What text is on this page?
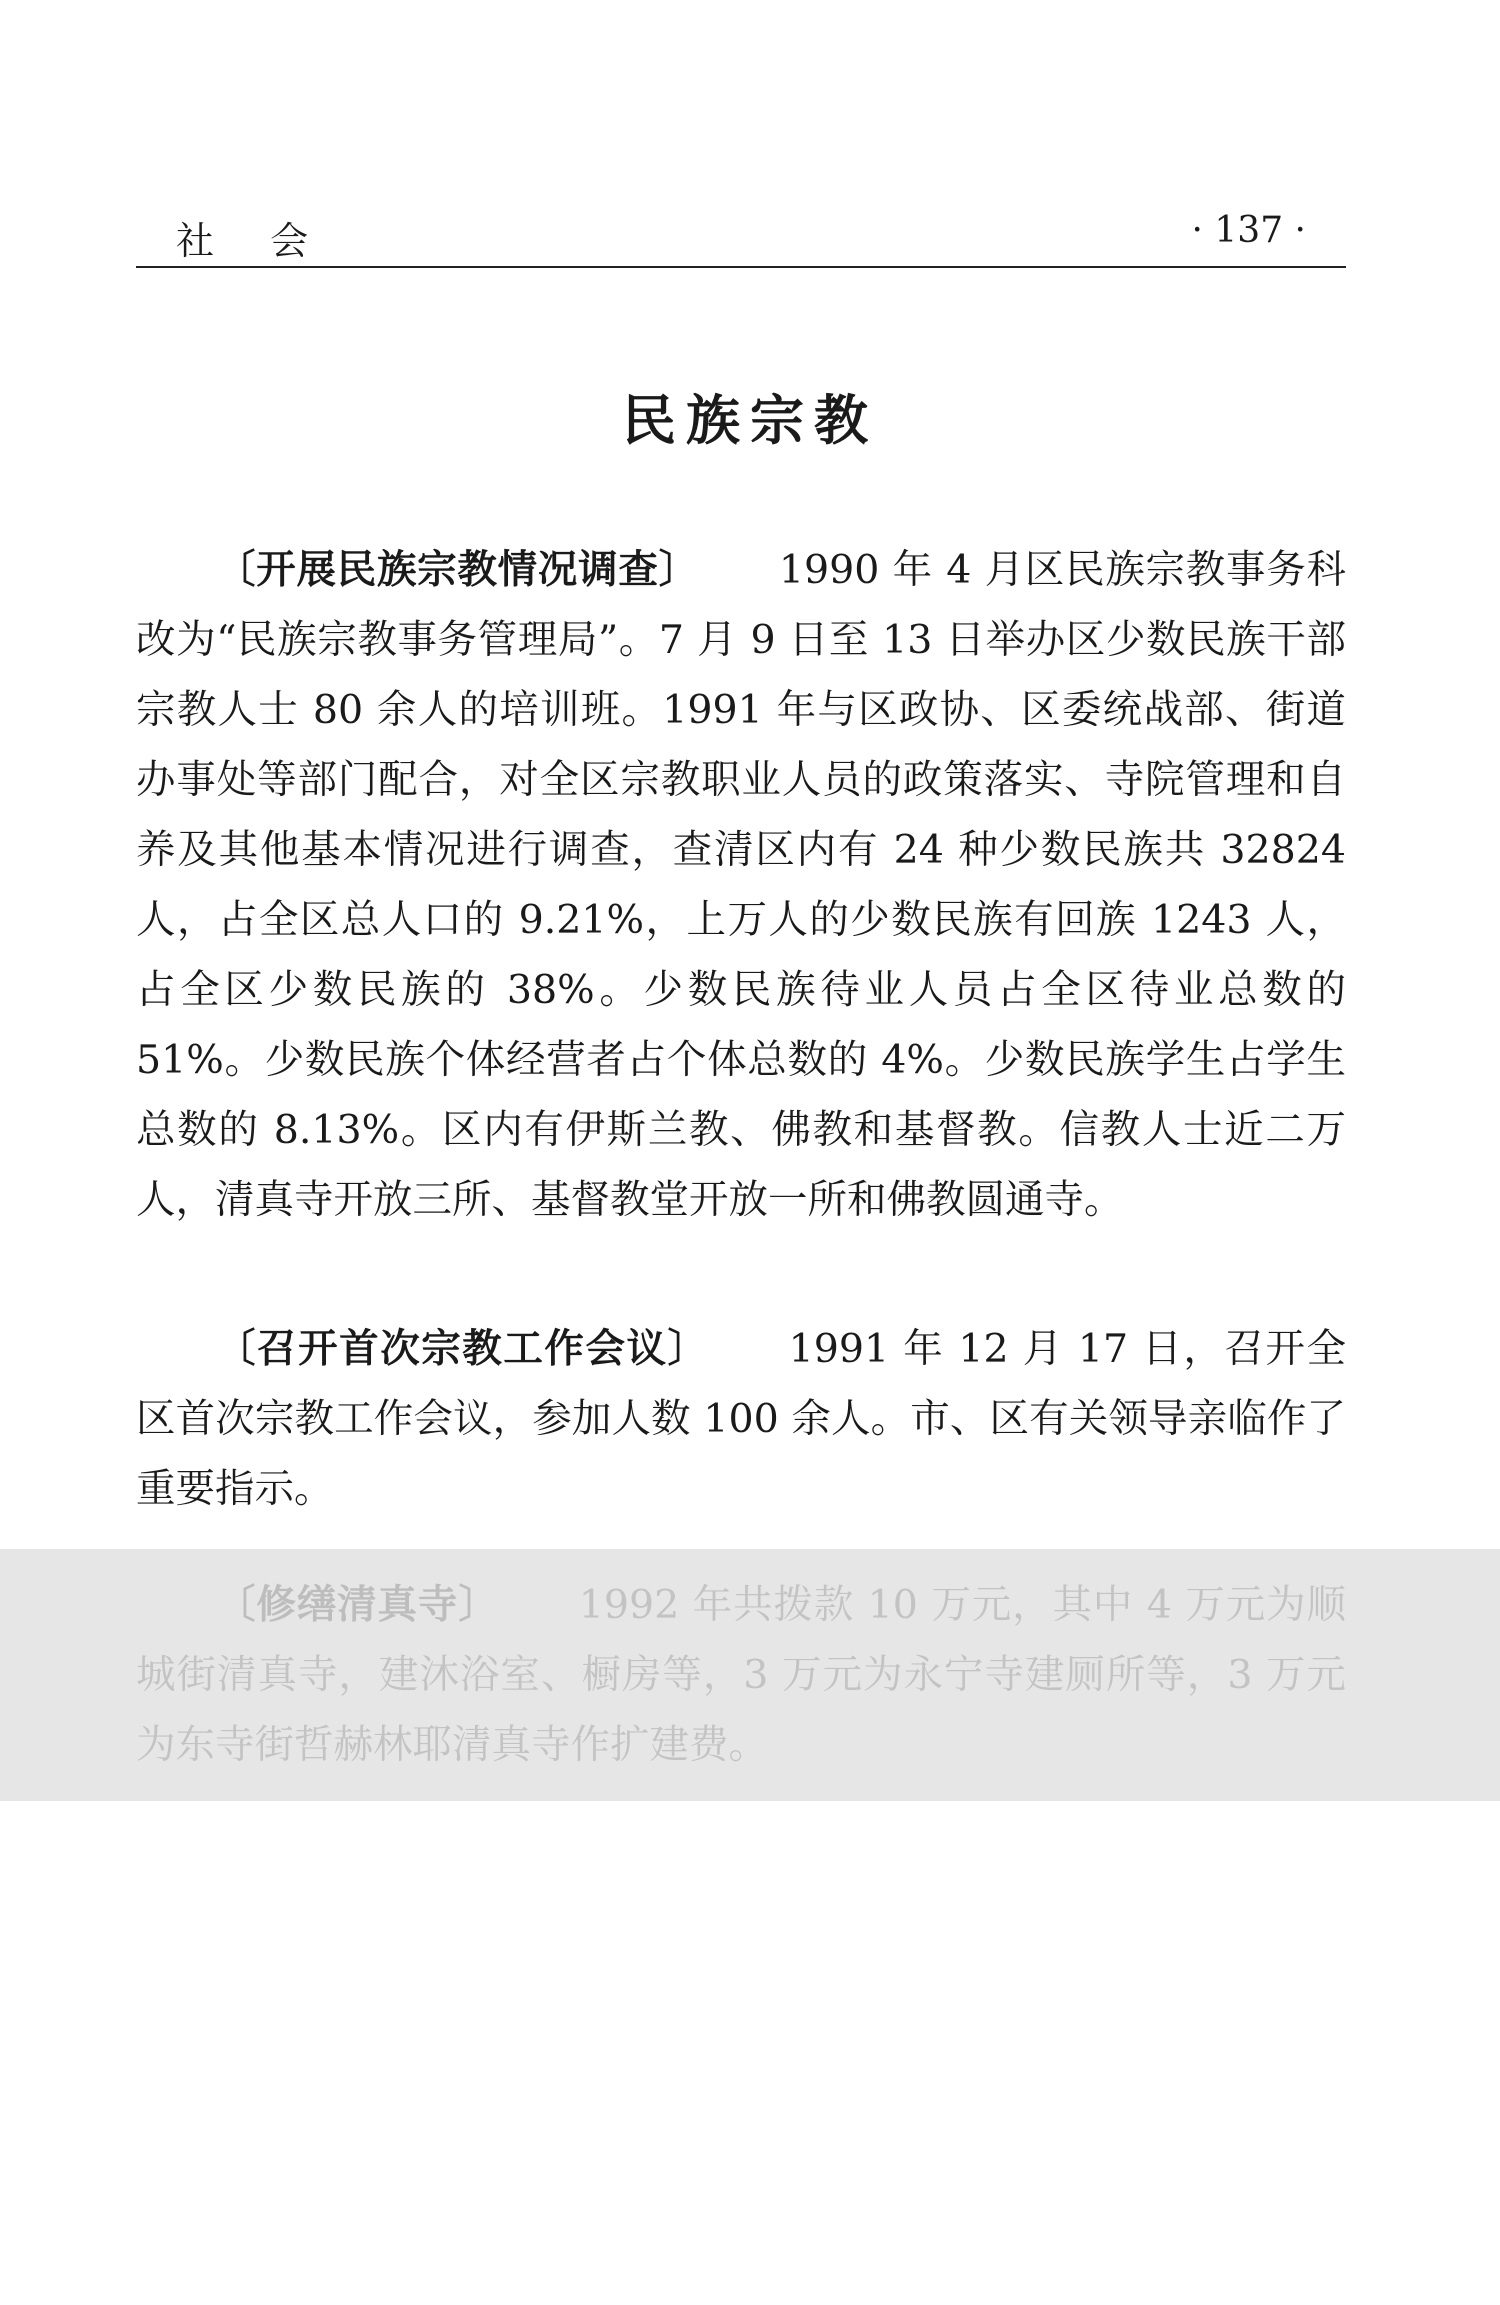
社 会	· 137 ·
民族宗教

〔开展民族宗教情况调查〕 1990 年 4 月区民族宗教事务科改为“民族宗教事务管理局”。7 月 9 日至 13 日举办区少数民族干部宗教人士 80 余人的培训班。1991 年与区政协、区委统战部、街道办事处等部门配合，对全区宗教职业人员的政策落实、寺院管理和自养及其他基本情况进行调查，查清区内有 24 种少数民族共 32824 人，占全区总人口的 9.21%，上万人的少数民族有回族 1243 人，占全区少数民族的 38%。少数民族待业人员占全区待业总数的 51%。少数民族个体经营者占个体总数的 4%。少数民族学生占学生总数的 8.13%。区内有伊斯兰教、佛教和基督教。信教人士近二万人，清真寺开放三所、基督教堂开放一所和佛教圆通寺。

〔召开首次宗教工作会议〕 1991 年 12 月 17 日，召开全区首次宗教工作会议，参加人数 100 余人。市、区有关领导亲临作了重要指示。

〔修缮清真寺〕 1992 年共拨款 10 万元，其中 4 万元为顺城街清真寺，建沐浴室、橱房等，3 万元为永宁寺建厕所等，3 万元为东寺街哲赫林耶清真寺作扩建费。
